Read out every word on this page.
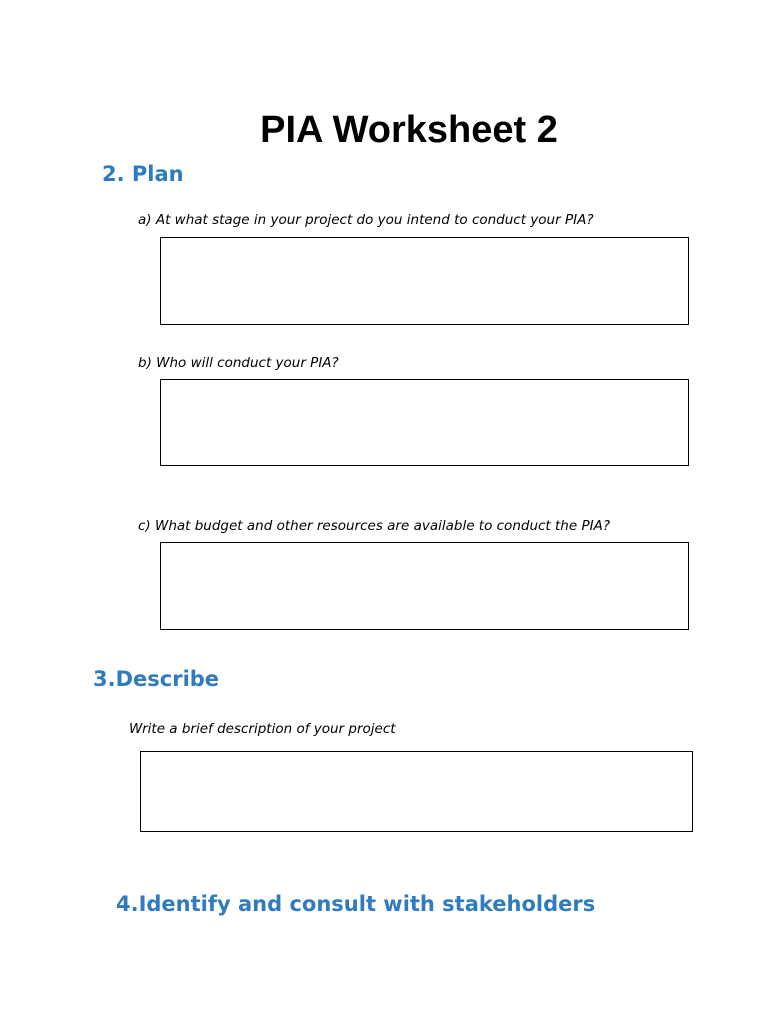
PIA Worksheet 2
2. Plan

a) At what stage in your project do you intend to conduct your PIA?

b) Who will conduct your PIA?

c) What budget and other resources are available to conduct the PIA?

3.Describe

Write a brief description of your project

4.Identify and consult with stakeholders
